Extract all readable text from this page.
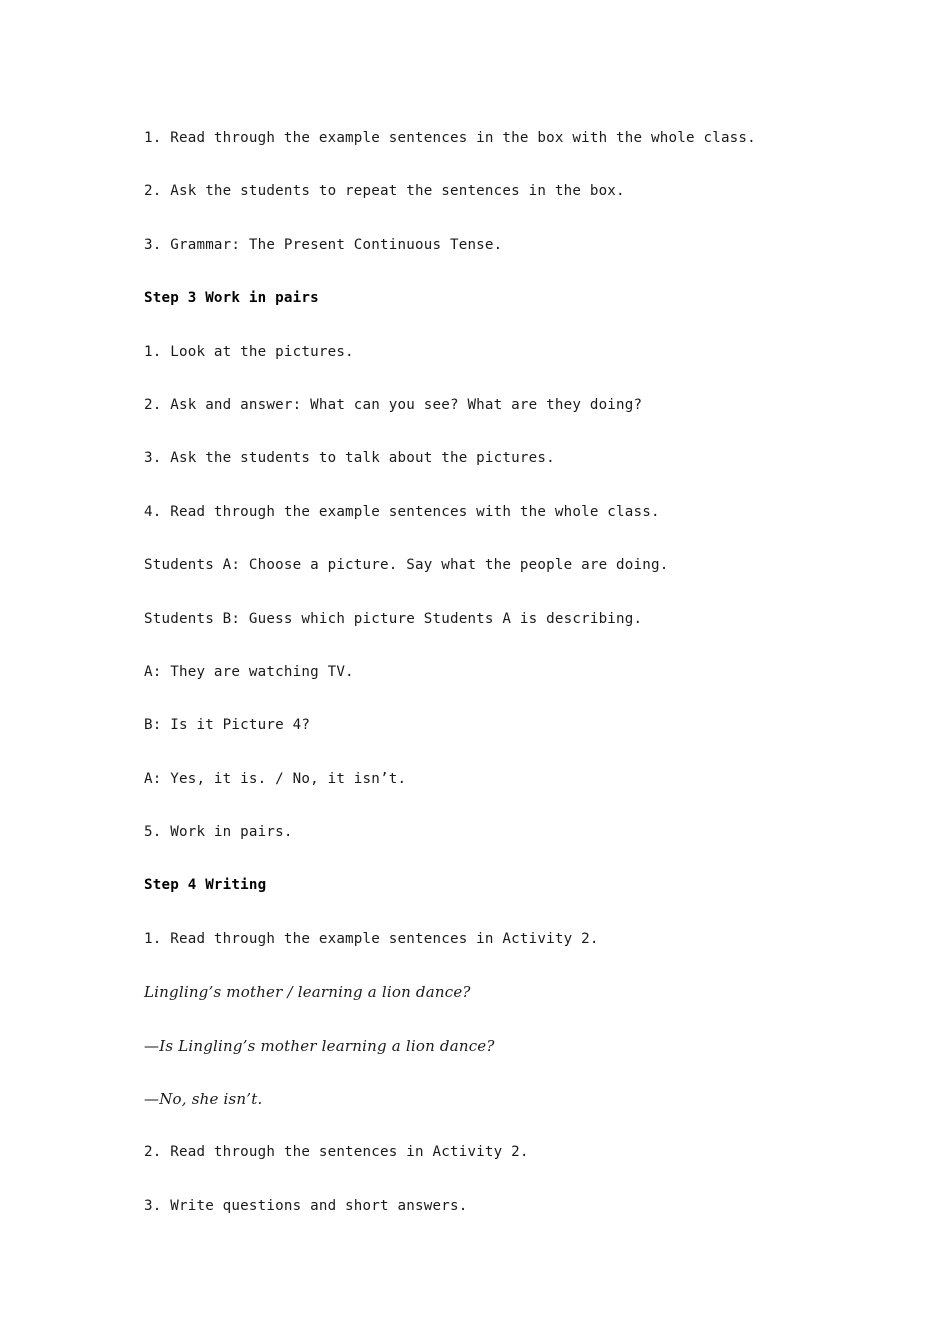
1. Read through the example sentences in the box with the whole class.
2. Ask the students to repeat the sentences in the box.
3. Grammar: The Present Continuous Tense.
Step 3 Work in pairs
1. Look at the pictures.
2. Ask and answer: What can you see? What are they doing?
3. Ask the students to talk about the pictures.
4. Read through the example sentences with the whole class.
Students A: Choose a picture. Say what the people are doing.
Students B: Guess which picture Students A is describing.
A: They are watching TV.
B: Is it Picture 4?
A: Yes, it is. / No, it isn’t.
5. Work in pairs.
Step 4 Writing
1. Read through the example sentences in Activity 2.
Lingling’s mother / learning a lion dance?
—Is Lingling’s mother learning a lion dance?
—No, she isn’t.
2. Read through the sentences in Activity 2.
3. Write questions and short answers.
